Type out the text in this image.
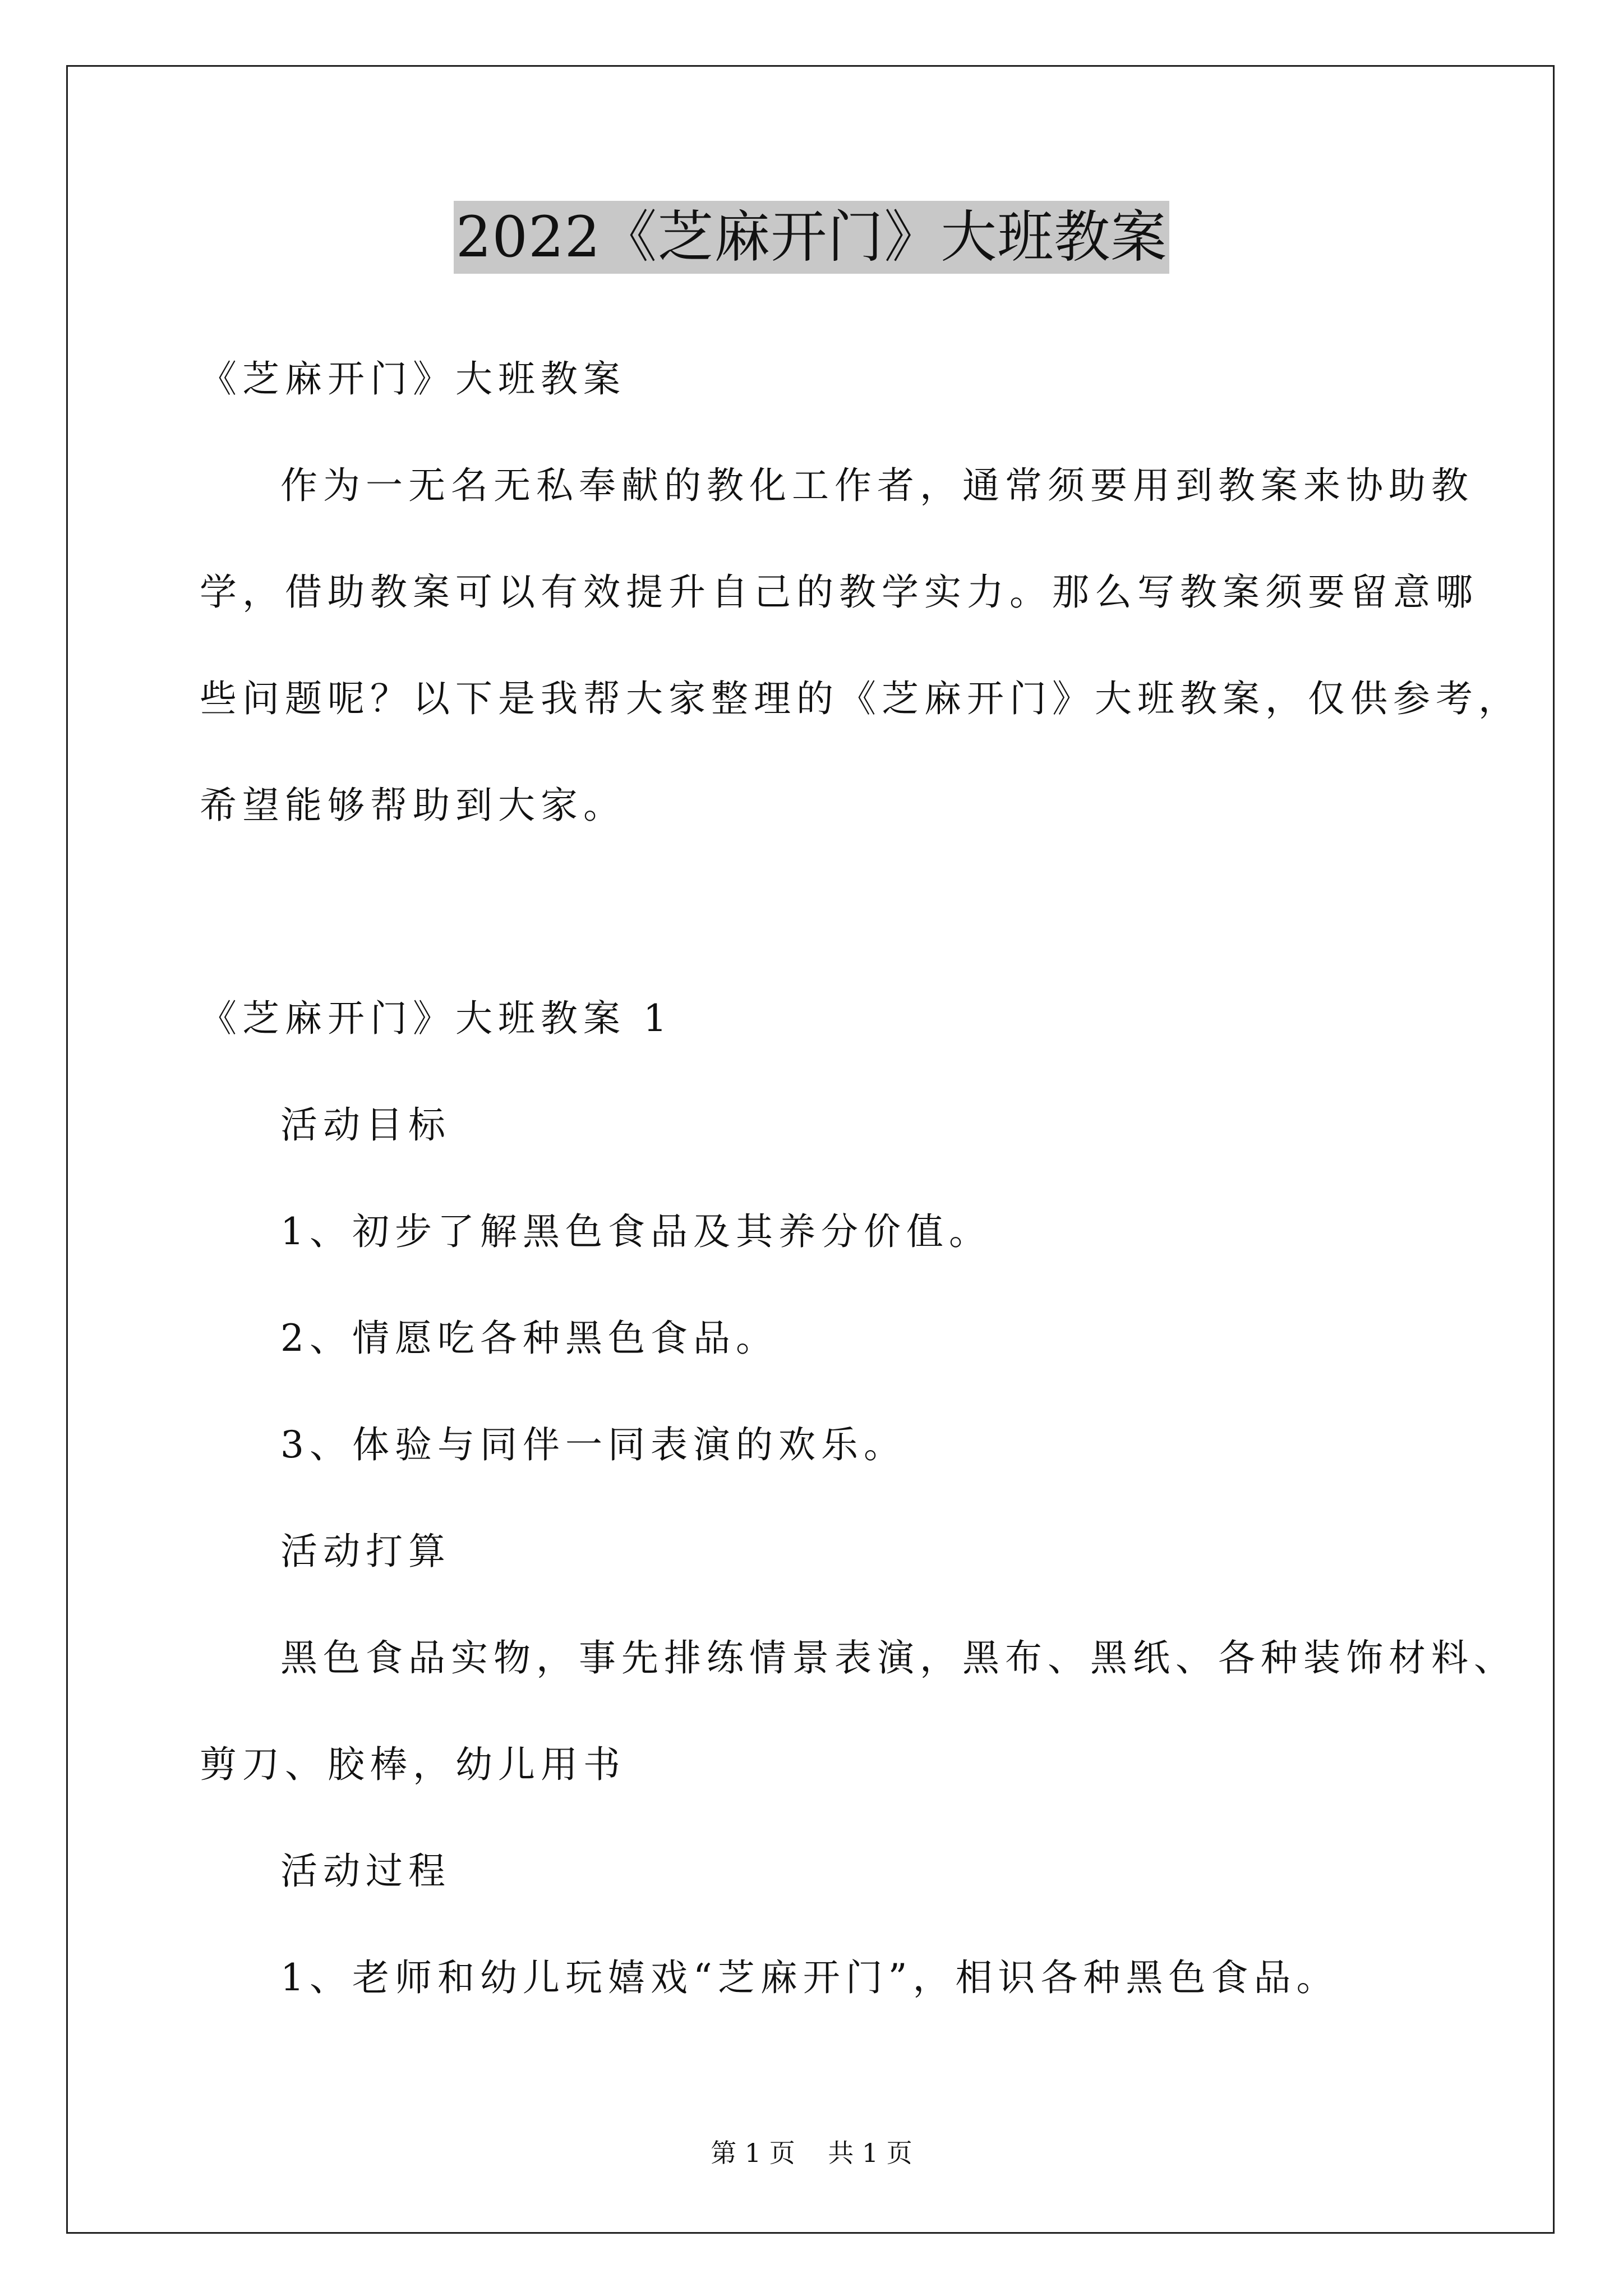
2022《芝麻开门》大班教案
《芝麻开门》大班教案
作为一无名无私奉献的教化工作者，通常须要用到教案来协助教
学，借助教案可以有效提升自己的教学实力。那么写教案须要留意哪
些问题呢？以下是我帮大家整理的《芝麻开门》大班教案，仅供参考，
希望能够帮助到大家。
《芝麻开门》大班教案 1
活动目标
1、初步了解黑色食品及其养分价值。
2、情愿吃各种黑色食品。
3、体验与同伴一同表演的欢乐。
活动打算
黑色食品实物，事先排练情景表演，黑布、黑纸、各种装饰材料、
剪刀、胶棒，幼儿用书
活动过程
1、老师和幼儿玩嬉戏“芝麻开门”，相识各种黑色食品。
第 1 页    共 1 页
